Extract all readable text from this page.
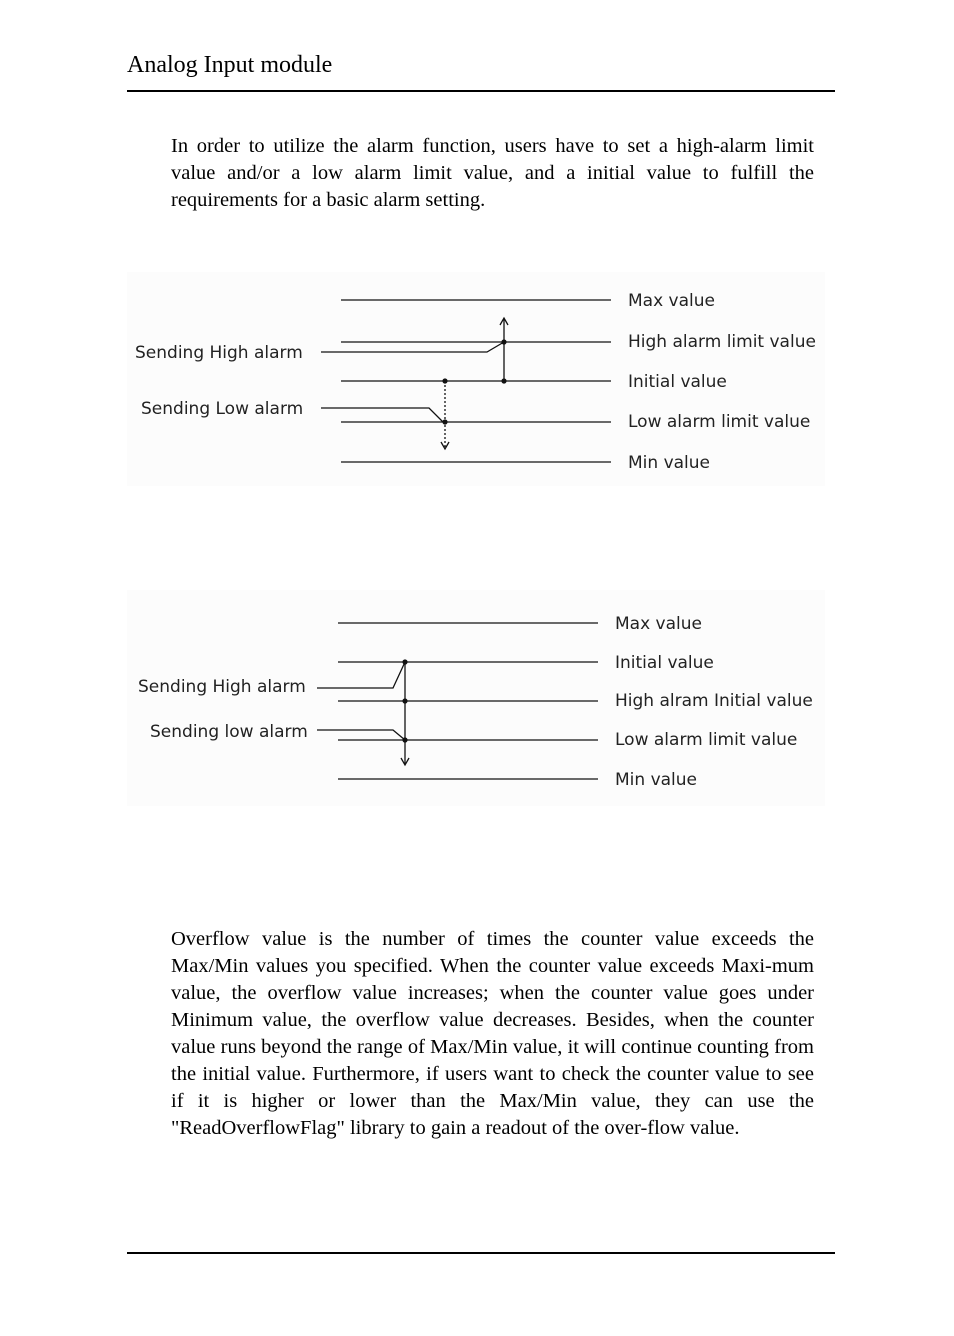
Analog Input module

In order to utilize the alarm function, users have to set a high-alarm limit value and/or a low alarm limit value, and a initial value to fulfill the requirements for a basic alarm setting.

Sending High alarm
Sending Low alarm
Max value
High alarm limit value
Initial value
Low alarm limit value
Min value
Sending High alarm
Sending low alarm
Max value
Initial value
High alram Initial value
Low alarm limit value
Min value

Overflow value is the number of times the counter value exceeds the Max/Min values you specified. When the counter value exceeds Maxi-mum value, the overflow value increases; when the counter value goes under Minimum value, the overflow value decreases. Besides, when the counter value runs beyond the range of Max/Min value, it will continue counting from the initial value. Furthermore, if users want to check the counter value to see if it is higher or lower than the Max/Min value, they can use the "ReadOverflowFlag" library to gain a readout of the over-flow value.
